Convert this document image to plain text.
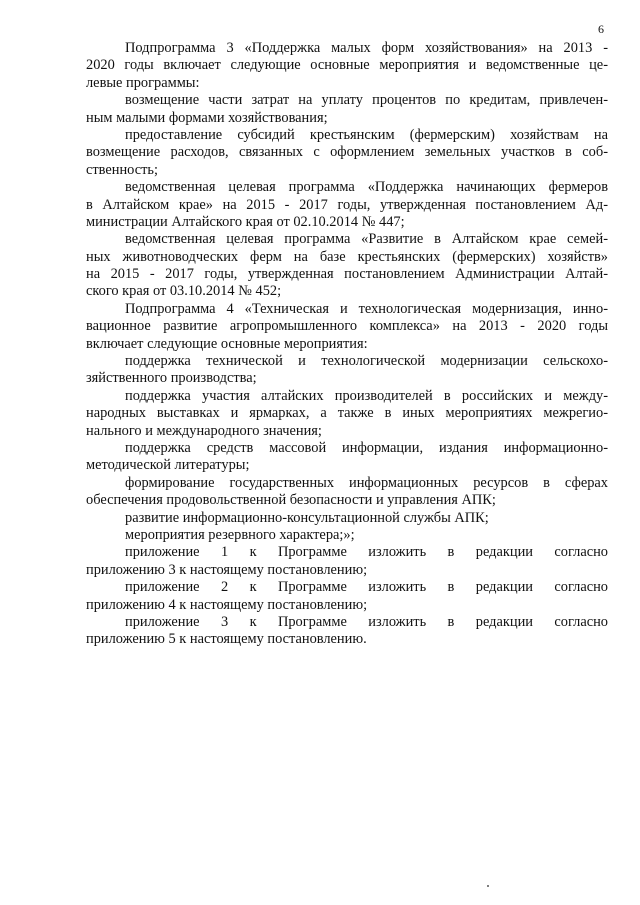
6
Подпрограмма 3 «Поддержка малых форм хозяйствования» на 2013 -
2020 годы включает следующие основные мероприятия и ведомственные це-
левые программы:
возмещение части затрат на уплату процентов по кредитам, привлечен-
ным малыми формами хозяйствования;
предоставление субсидий крестьянским (фермерским) хозяйствам на
возмещение расходов, связанных с оформлением земельных участков в соб-
ственность;
ведомственная целевая программа «Поддержка начинающих фермеров
в Алтайском крае» на 2015 - 2017 годы, утвержденная постановлением Ад-
министрации Алтайского края от 02.10.2014 № 447;
ведомственная целевая программа «Развитие в Алтайском крае семей-
ных животноводческих ферм на базе крестьянских (фермерских) хозяйств»
на 2015 - 2017 годы, утвержденная постановлением Администрации Алтай-
ского края от 03.10.2014 № 452;
Подпрограмма 4 «Техническая и технологическая модернизация, инно-
вационное развитие агропромышленного комплекса» на 2013 - 2020 годы
включает следующие основные мероприятия:
поддержка технической и технологической модернизации сельскохо-
зяйственного производства;
поддержка участия алтайских производителей в российских и между-
народных выставках и ярмарках, а также в иных мероприятиях межрегио-
нального и международного значения;
поддержка средств массовой информации, издания информационно-
методической литературы;
формирование государственных информационных ресурсов в сферах
обеспечения продовольственной безопасности и управления АПК;
развитие информационно-консультационной службы АПК;
мероприятия резервного характера;»;
приложение 1 к Программе изложить в редакции согласно
приложению 3 к настоящему постановлению;
приложение 2 к Программе изложить в редакции согласно
приложению 4 к настоящему постановлению;
приложение 3 к Программе изложить в редакции согласно
приложению 5 к настоящему постановлению.
